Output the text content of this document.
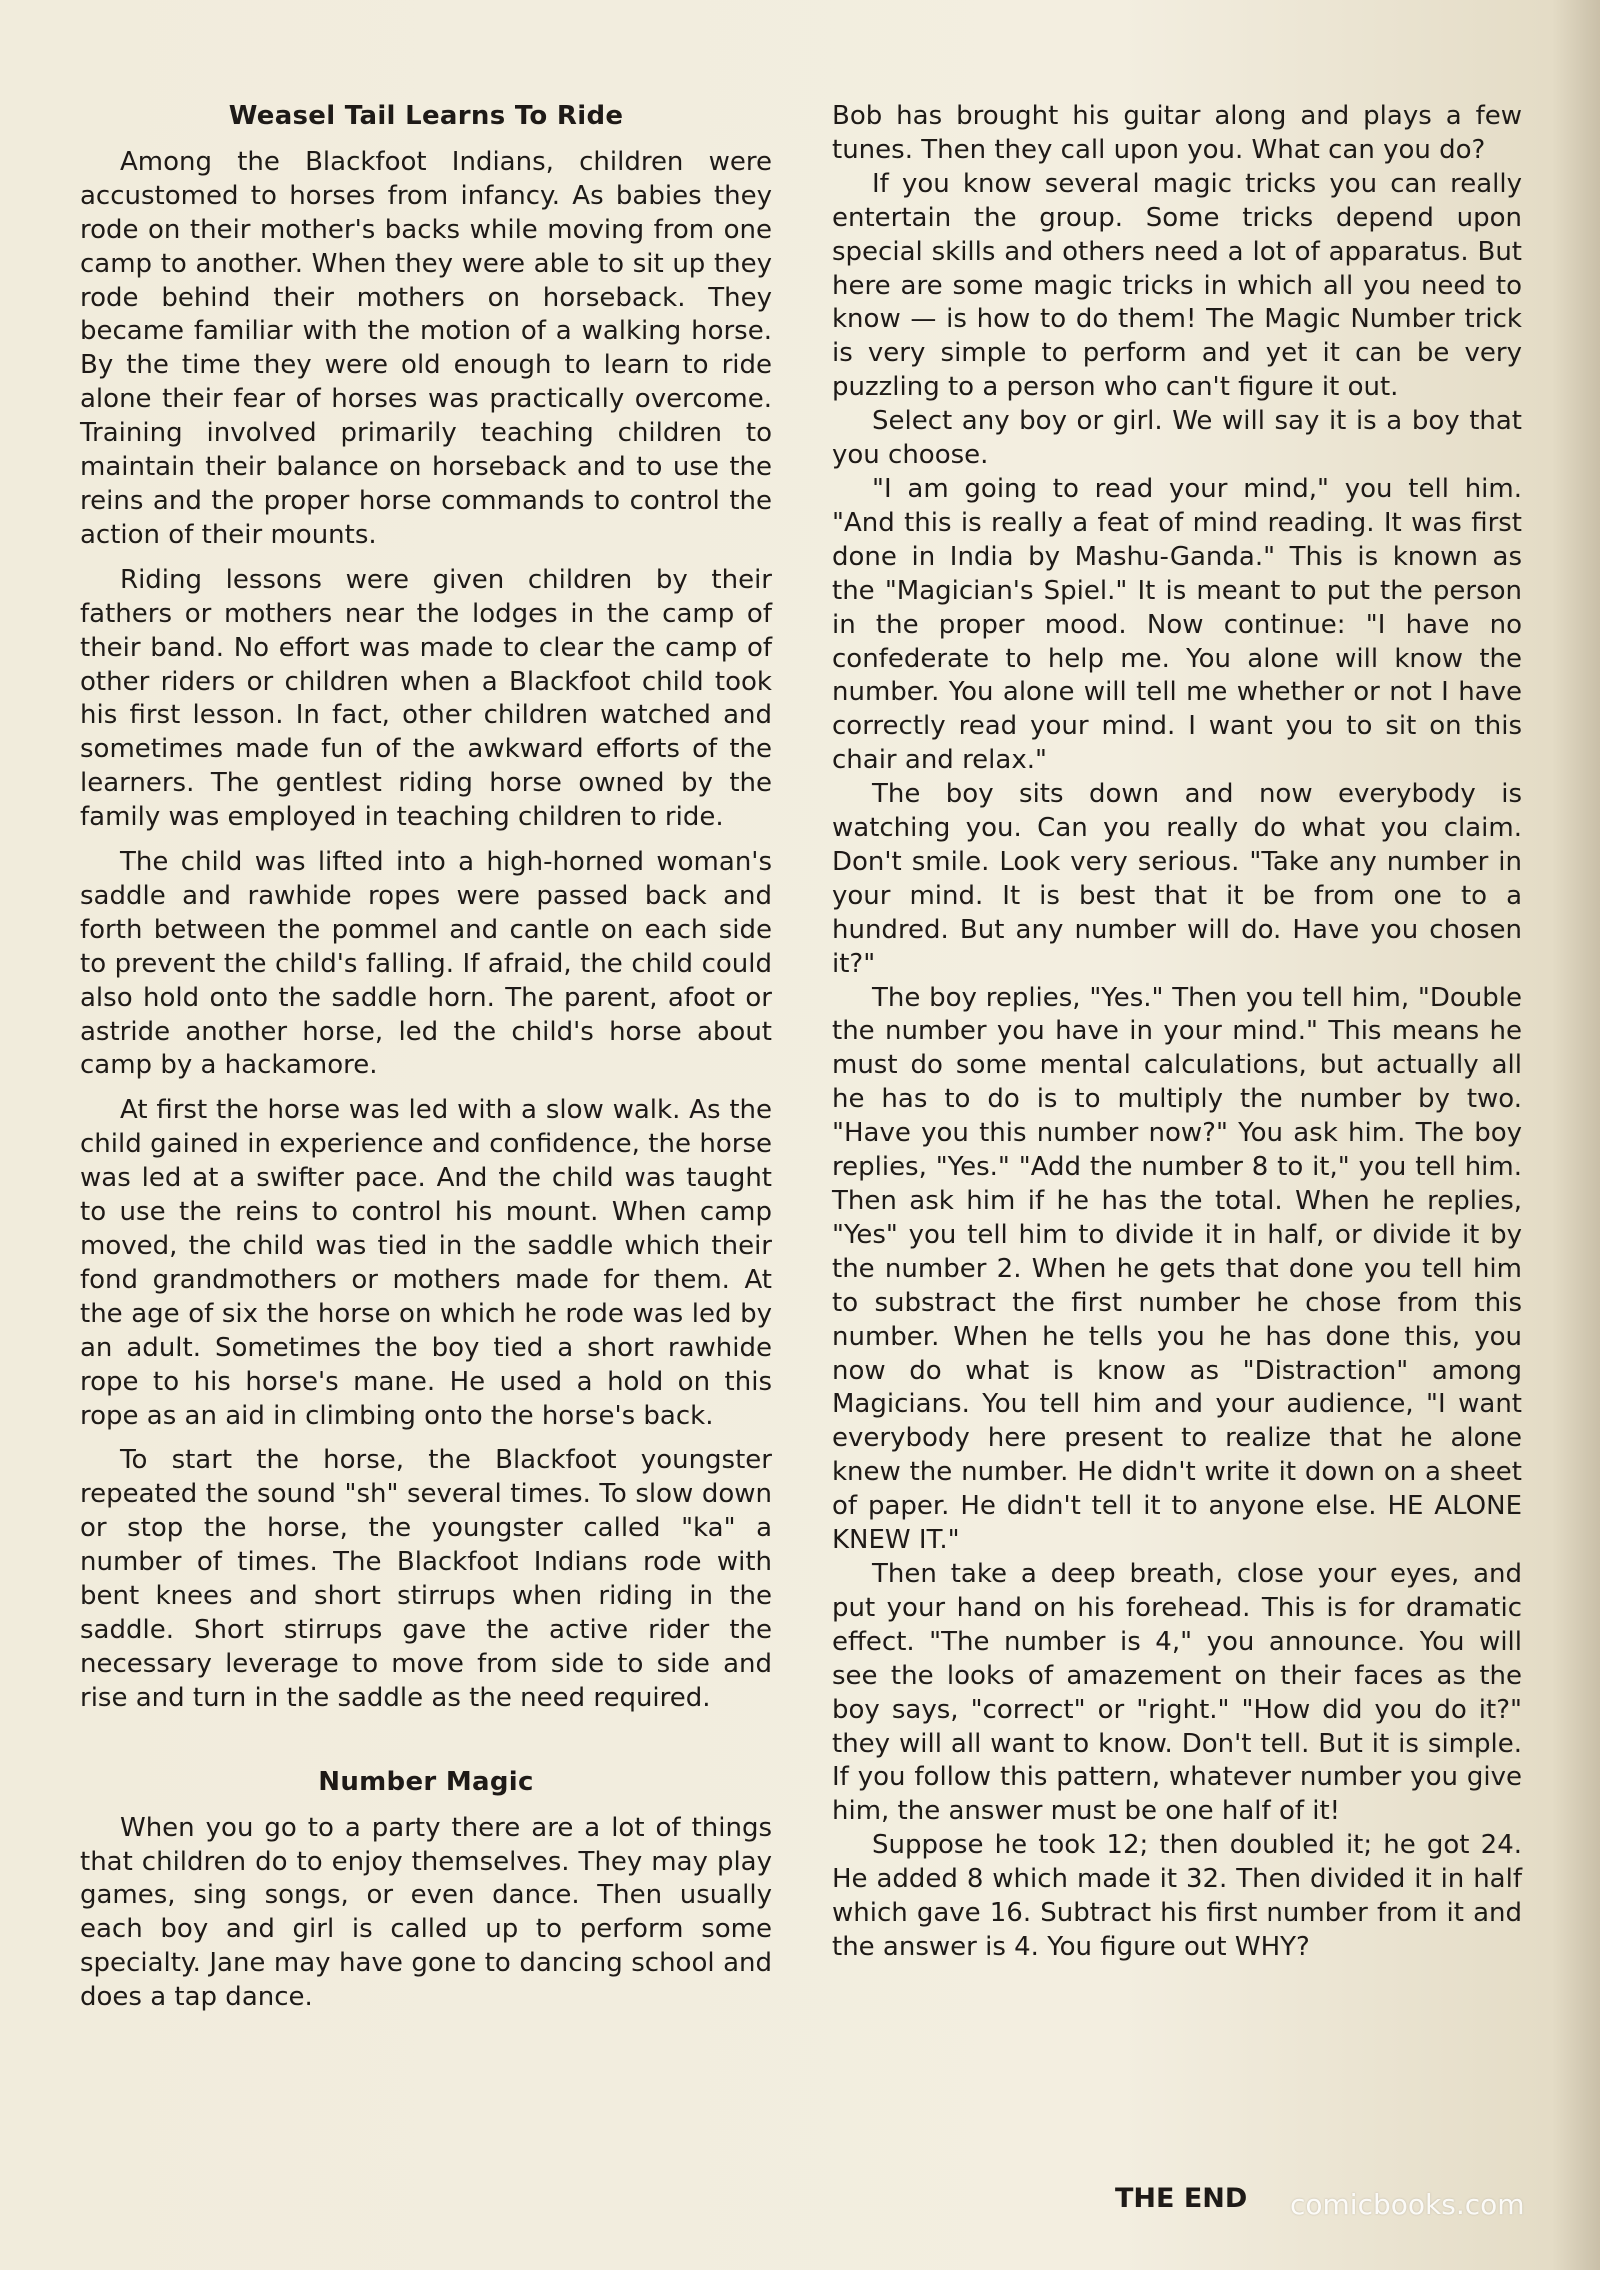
Weasel Tail Learns To Ride

Among the Blackfoot Indians, children were accustomed to horses from infancy. As babies they rode on their mother's backs while moving from one camp to another. When they were able to sit up they rode behind their mothers on horseback. They became familiar with the motion of a walking horse. By the time they were old enough to learn to ride alone their fear of horses was practically overcome. Training involved primarily teaching children to maintain their balance on horseback and to use the reins and the proper horse commands to control the action of their mounts.

Riding lessons were given children by their fathers or mothers near the lodges in the camp of their band. No effort was made to clear the camp of other riders or children when a Blackfoot child took his first lesson. In fact, other children watched and sometimes made fun of the awkward efforts of the learners. The gentlest riding horse owned by the family was employed in teaching children to ride.

The child was lifted into a high-horned woman's saddle and rawhide ropes were passed back and forth between the pommel and cantle on each side to prevent the child's falling. If afraid, the child could also hold onto the saddle horn. The parent, afoot or astride another horse, led the child's horse about camp by a hackamore.

At first the horse was led with a slow walk. As the child gained in experience and confidence, the horse was led at a swifter pace. And the child was taught to use the reins to control his mount. When camp moved, the child was tied in the saddle which their fond grandmothers or mothers made for them. At the age of six the horse on which he rode was led by an adult. Sometimes the boy tied a short rawhide rope to his horse's mane. He used a hold on this rope as an aid in climbing onto the horse's back.

To start the horse, the Blackfoot youngster repeated the sound "sh" several times. To slow down or stop the horse, the youngster called "ka" a number of times. The Blackfoot Indians rode with bent knees and short stirrups when riding in the saddle. Short stirrups gave the active rider the necessary leverage to move from side to side and rise and turn in the saddle as the need required.

Number Magic

When you go to a party there are a lot of things that children do to enjoy themselves. They may play games, sing songs, or even dance. Then usually each boy and girl is called up to perform some specialty. Jane may have gone to dancing school and does a tap dance.

Bob has brought his guitar along and plays a few tunes. Then they call upon you. What can you do?

If you know several magic tricks you can really entertain the group. Some tricks depend upon special skills and others need a lot of apparatus. But here are some magic tricks in which all you need to know — is how to do them! The Magic Number trick is very simple to perform and yet it can be very puzzling to a person who can't figure it out.

Select any boy or girl. We will say it is a boy that you choose.

"I am going to read your mind," you tell him. "And this is really a feat of mind reading. It was first done in India by Mashu-Ganda." This is known as the "Magician's Spiel." It is meant to put the person in the proper mood. Now continue: "I have no confederate to help me. You alone will know the number. You alone will tell me whether or not I have correctly read your mind. I want you to sit on this chair and relax."

The boy sits down and now everybody is watching you. Can you really do what you claim. Don't smile. Look very serious. "Take any number in your mind. It is best that it be from one to a hundred. But any number will do. Have you chosen it?"

The boy replies, "Yes." Then you tell him, "Double the number you have in your mind." This means he must do some mental calculations, but actually all he has to do is to multiply the number by two. "Have you this number now?" You ask him. The boy replies, "Yes." "Add the number 8 to it," you tell him. Then ask him if he has the total. When he replies, "Yes" you tell him to divide it in half, or divide it by the number 2. When he gets that done you tell him to substract the first number he chose from this number. When he tells you he has done this, you now do what is know as "Distraction" among Magicians. You tell him and your audience, "I want everybody here present to realize that he alone knew the number. He didn't write it down on a sheet of paper. He didn't tell it to anyone else. HE ALONE KNEW IT."

Then take a deep breath, close your eyes, and put your hand on his forehead. This is for dramatic effect. "The number is 4," you announce. You will see the looks of amazement on their faces as the boy says, "correct" or "right." "How did you do it?" they will all want to know. Don't tell. But it is simple. If you follow this pattern, whatever number you give him, the answer must be one half of it!

Suppose he took 12; then doubled it; he got 24. He added 8 which made it 32. Then divided it in half which gave 16. Subtract his first number from it and the answer is 4. You figure out WHY?

THE END comicbooks.com
